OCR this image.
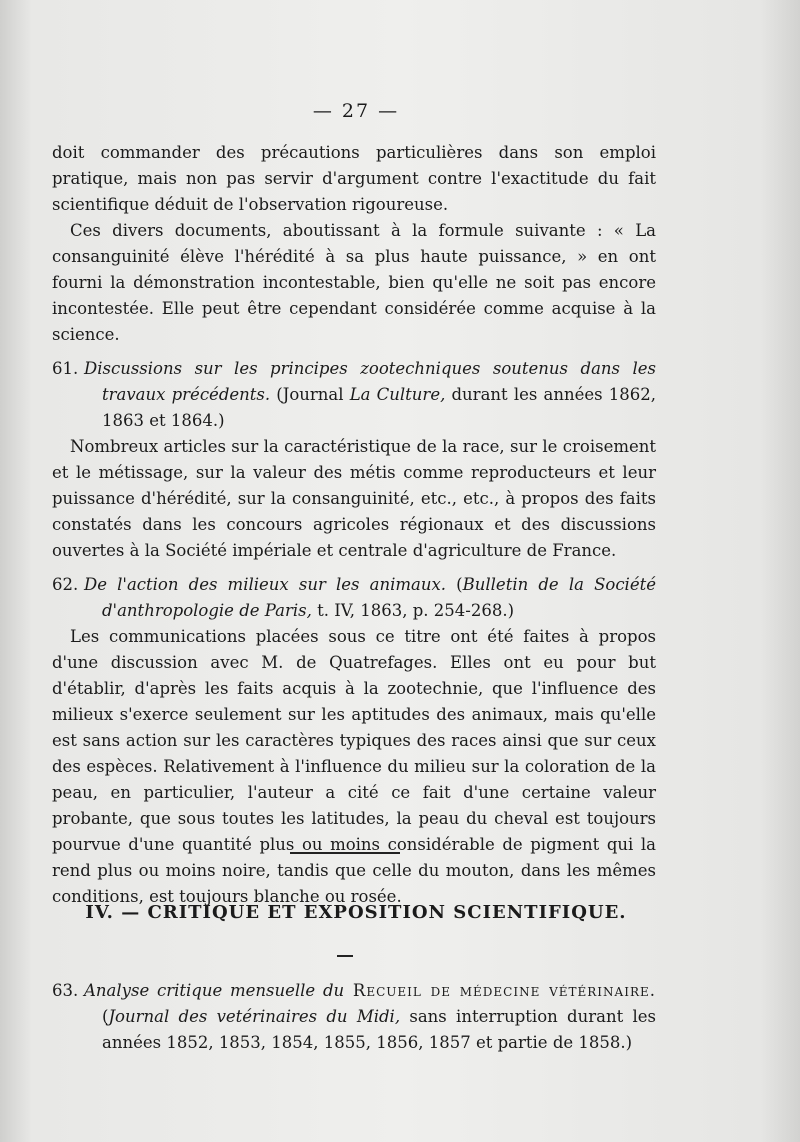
— 27 —

doit commander des précautions particulières dans son emploi pratique, mais non pas servir d'argument contre l'exactitude du fait scientifique déduit de l'observation rigoureuse.

Ces divers documents, aboutissant à la formule suivante : « La consanguinité élève l'hérédité à sa plus haute puissance, » en ont fourni la démonstration incontestable, bien qu'elle ne soit pas encore incontestée. Elle peut être cependant considérée comme acquise à la science.

61. Discussions sur les principes zootechniques soutenus dans les travaux précédents. (Journal La Culture, durant les années 1862, 1863 et 1864.)

Nombreux articles sur la caractéristique de la race, sur le croisement et le métissage, sur la valeur des métis comme reproducteurs et leur puissance d'hérédité, sur la consanguinité, etc., etc., à propos des faits constatés dans les concours agricoles régionaux et des discussions ouvertes à la Société impériale et centrale d'agriculture de France.

62. De l'action des milieux sur les animaux. (Bulletin de la Société d'anthropologie de Paris, t. IV, 1863, p. 254-268.)

Les communications placées sous ce titre ont été faites à propos d'une discussion avec M. de Quatrefages. Elles ont eu pour but d'établir, d'après les faits acquis à la zootechnie, que l'influence des milieux s'exerce seulement sur les aptitudes des animaux, mais qu'elle est sans action sur les caractères typiques des races ainsi que sur ceux des espèces. Relativement à l'influence du milieu sur la coloration de la peau, en particulier, l'auteur a cité ce fait d'une certaine valeur probante, que sous toutes les latitudes, la peau du cheval est toujours pourvue d'une quantité plus ou moins considérable de pigment qui la rend plus ou moins noire, tandis que celle du mouton, dans les mêmes conditions, est toujours blanche ou rosée.

IV. — CRITIQUE ET EXPOSITION SCIENTIFIQUE.

63. Analyse critique mensuelle du Recueil de médecine vétérinaire. (Journal des vetérinaires du Midi, sans interruption durant les années 1852, 1853, 1854, 1855, 1856, 1857 et partie de 1858.)
